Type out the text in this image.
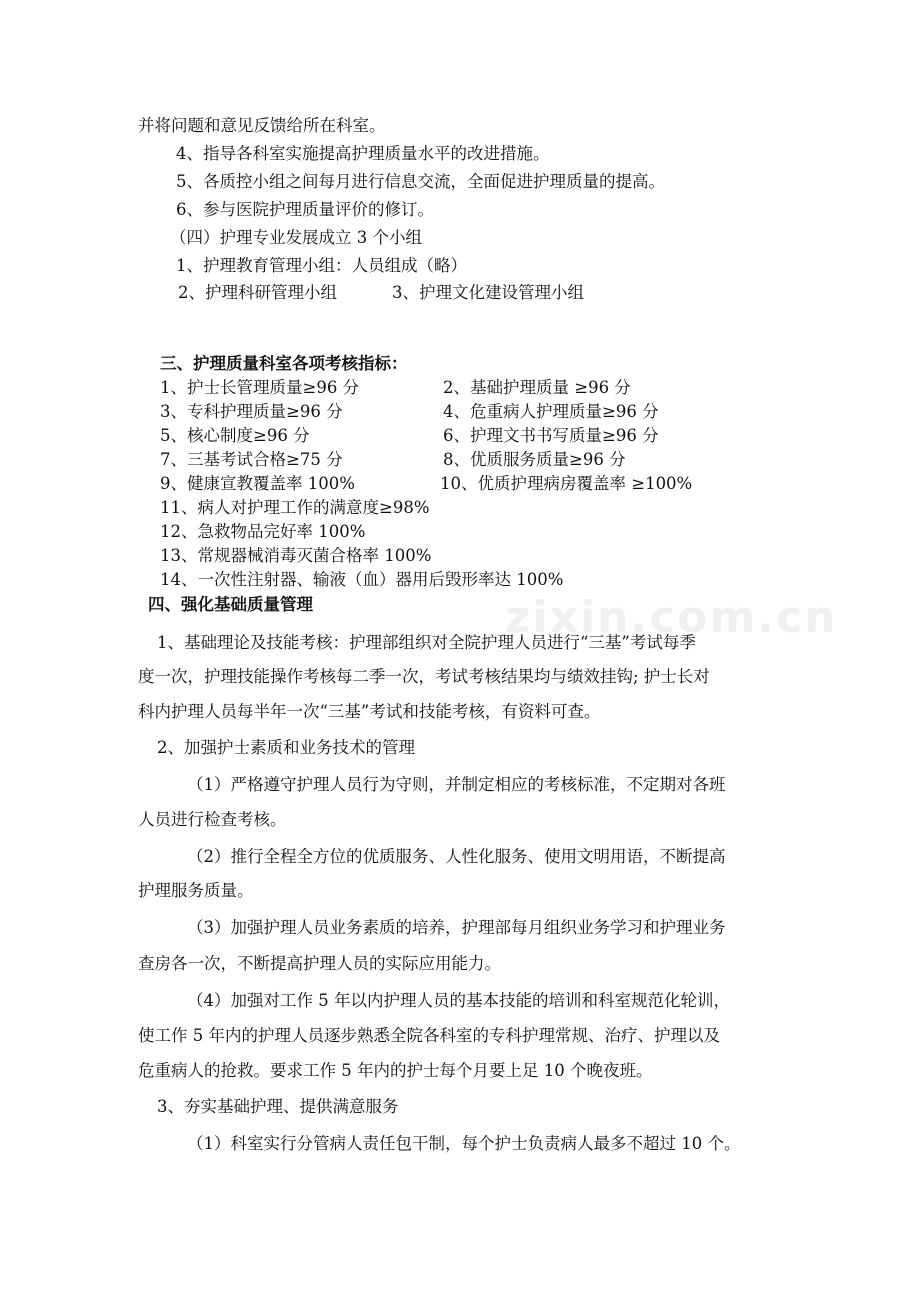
zixin.com.cn
并将问题和意见反馈给所在科室。
4、指导各科室实施提高护理质量水平的改进措施。
5、各质控小组之间每月进行信息交流，全面促进护理质量的提高。
6、参与医院护理质量评价的修订。
（四）护理专业发展成立 3 个小组
1、护理教育管理小组：人员组成（略）
2、护理科研管理小组	3、护理文化建设管理小组
三、护理质量科室各项考核指标：
1、护士长管理质量≥96 分	2、基础护理质量 ≥96 分
3、专科护理质量≥96 分	4、危重病人护理质量≥96 分
5、核心制度≥96 分	6、护理文书书写质量≥96 分
7、三基考试合格≥75 分	8、优质服务质量≥96 分
9、健康宣教覆盖率 100%	10、优质护理病房覆盖率 ≥100%
11、病人对护理工作的满意度≥98%
12、急救物品完好率 100%
13、常规器械消毒灭菌合格率 100%
14、一次性注射器、输液（血）器用后毁形率达 100%
四、强化基础质量管理
1、基础理论及技能考核：护理部组织对全院护理人员进行“三基”考试每季
度一次，护理技能操作考核每二季一次，考试考核结果均与绩效挂钩; 护士长对
科内护理人员每半年一次“三基”考试和技能考核，有资料可查。
2、加强护士素质和业务技术的管理
（1）严格遵守护理人员行为守则，并制定相应的考核标准，不定期对各班
人员进行检查考核。
（2）推行全程全方位的优质服务、人性化服务、使用文明用语，不断提高
护理服务质量。
（3）加强护理人员业务素质的培养，护理部每月组织业务学习和护理业务
查房各一次，不断提高护理人员的实际应用能力。
（4）加强对工作 5 年以内护理人员的基本技能的培训和科室规范化轮训，
使工作 5 年内的护理人员逐步熟悉全院各科室的专科护理常规、治疗、护理以及
危重病人的抢救。要求工作 5 年内的护士每个月要上足 10 个晚夜班。
3、夯实基础护理、提供满意服务
（1）科室实行分管病人责任包干制，每个护士负责病人最多不超过 10 个。
